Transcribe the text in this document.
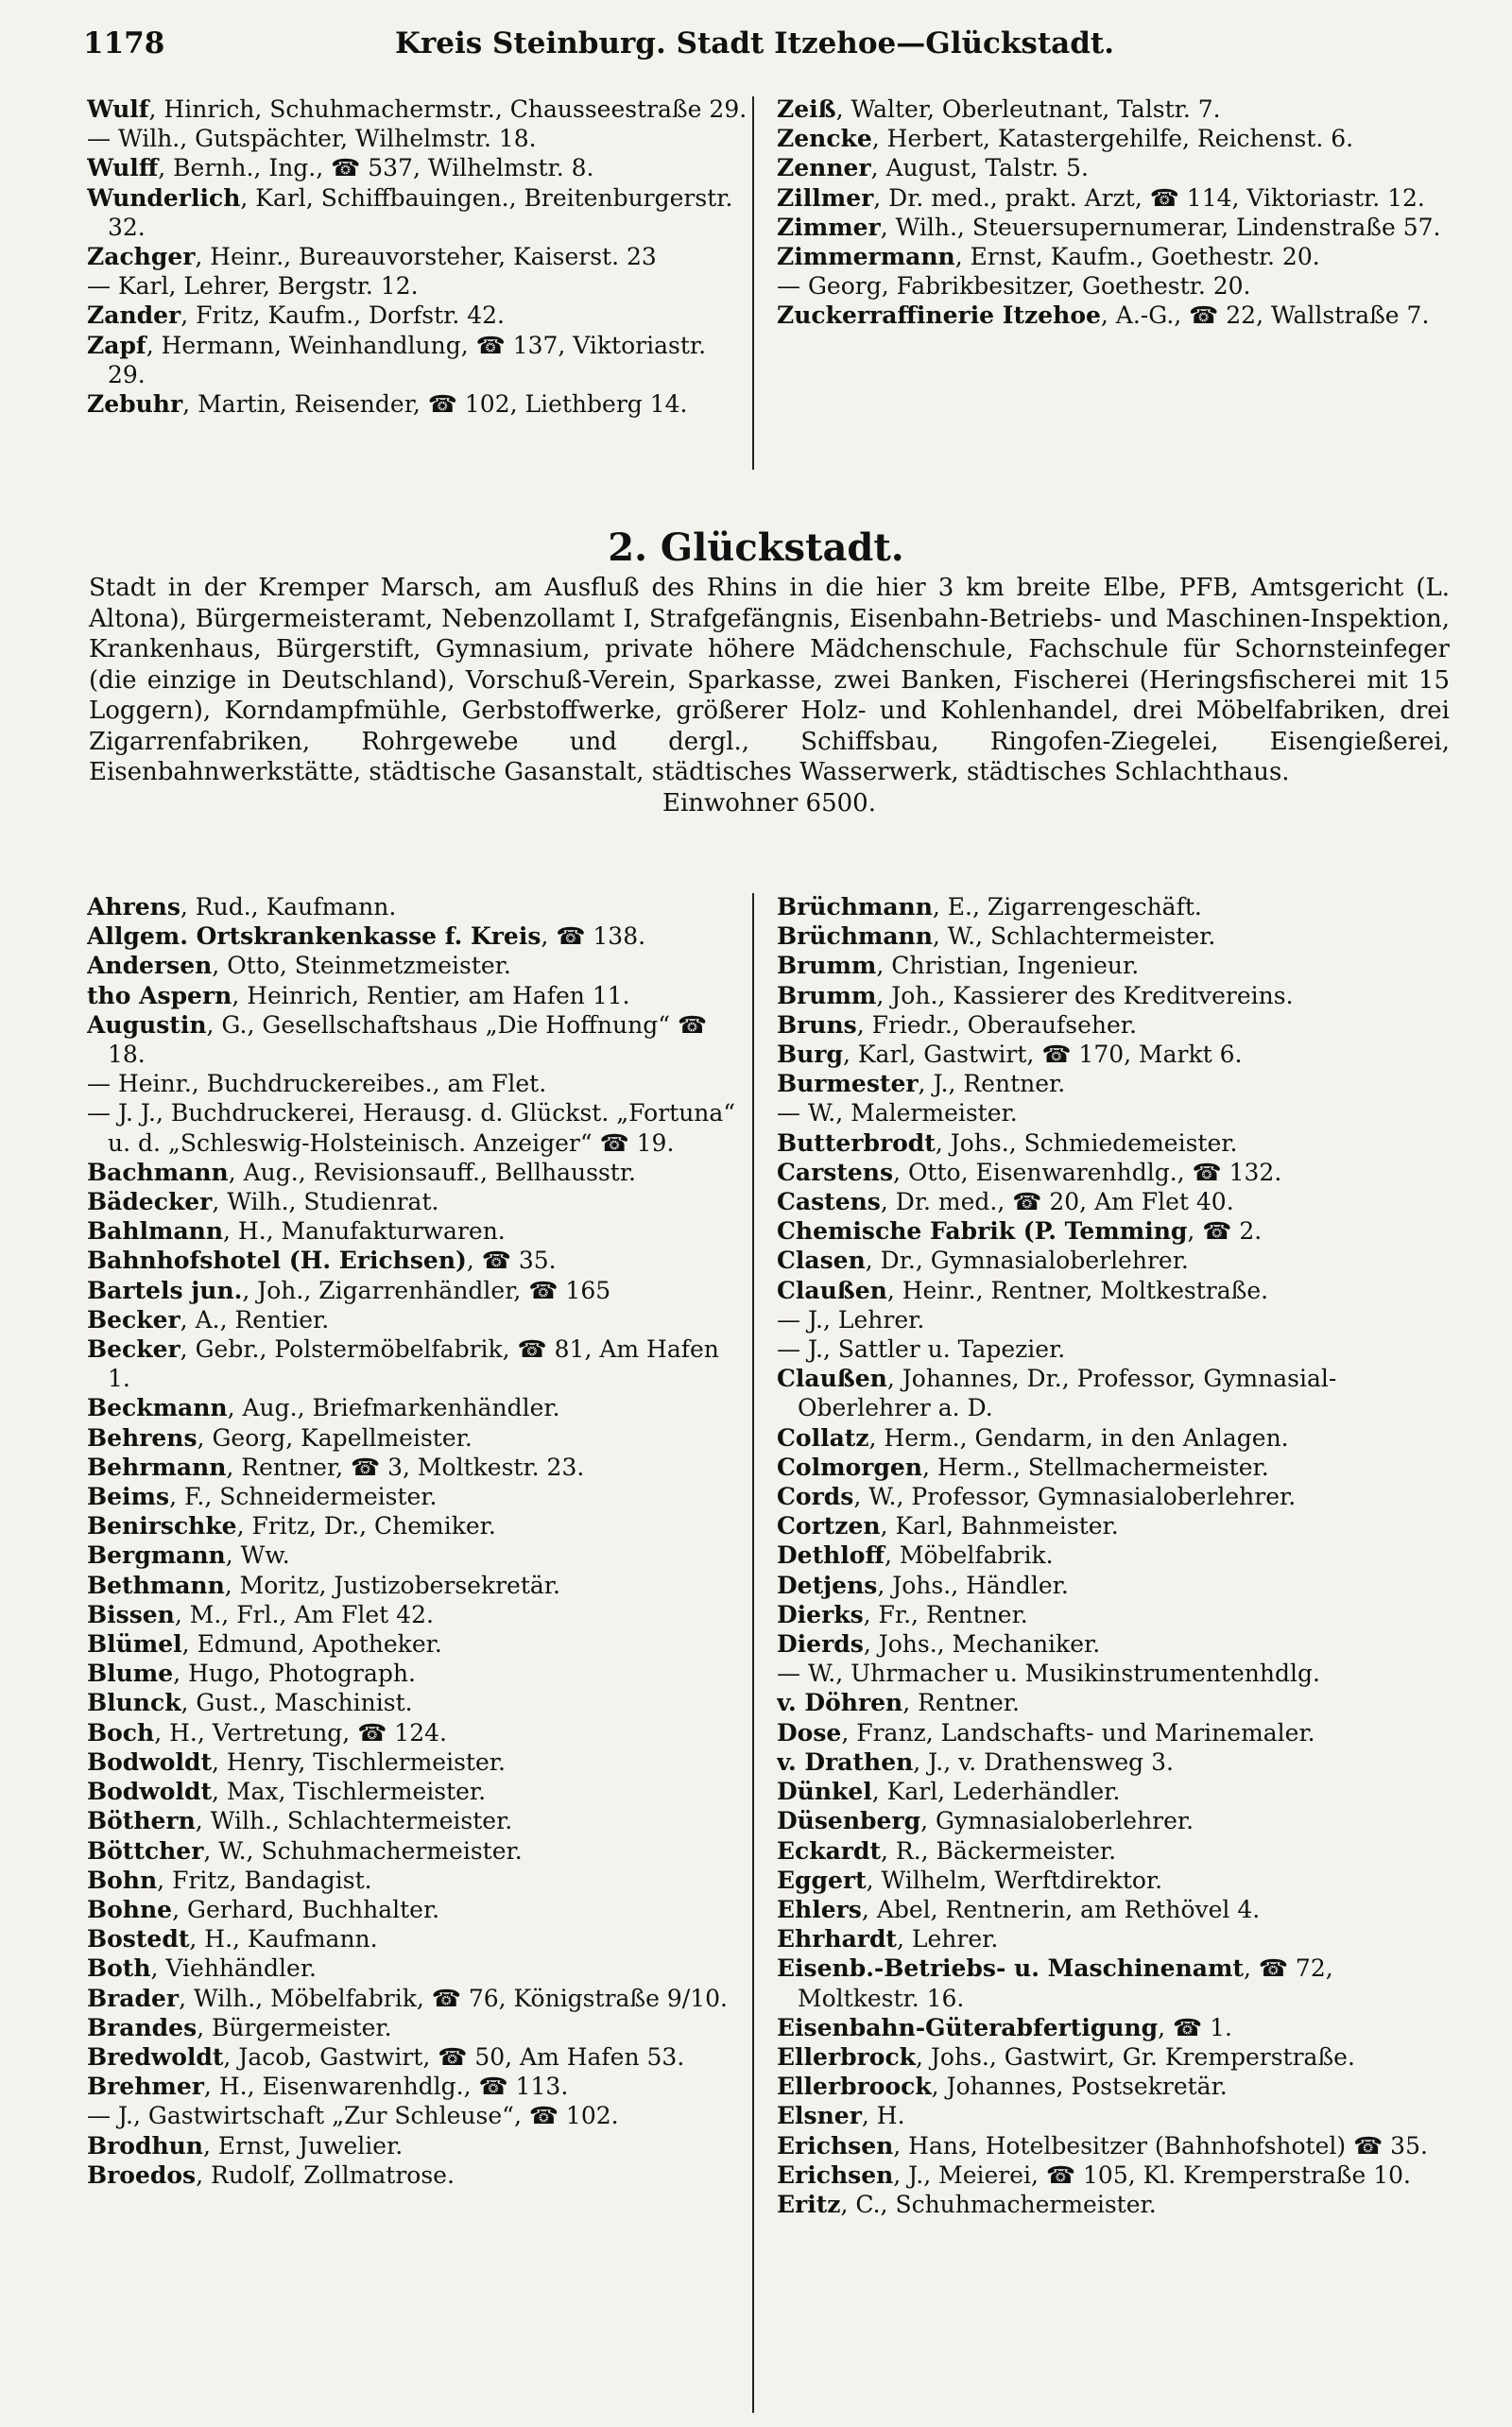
1178	Kreis Steinburg. Stadt Itzehoe—Glückstadt.

Wulf, Hinrich, Schuhmachermstr., Chausseestraße 29.

— Wilh., Gutspächter, Wilhelmstr. 18.

Wulff, Bernh., Ing., ☎ 537, Wilhelmstr. 8.

Wunderlich, Karl, Schiffbauingen., Breitenburgerstr. 32.

Zachger, Heinr., Bureauvorsteher, Kaiserst. 23

— Karl, Lehrer, Bergstr. 12.

Zander, Fritz, Kaufm., Dorfstr. 42.

Zapf, Hermann, Weinhandlung, ☎ 137, Viktoriastr. 29.

Zebuhr, Martin, Reisender, ☎ 102, Liethberg 14.

Zeiß, Walter, Oberleutnant, Talstr. 7.

Zencke, Herbert, Katastergehilfe, Reichenst. 6.

Zenner, August, Talstr. 5.

Zillmer, Dr. med., prakt. Arzt, ☎ 114, Viktoriastr. 12.

Zimmer, Wilh., Steuersupernumerar, Lindenstraße 57.

Zimmermann, Ernst, Kaufm., Goethestr. 20.

— Georg, Fabrikbesitzer, Goethestr. 20.

Zuckerraffinerie Itzehoe, A.-G., ☎ 22, Wallstraße 7.

2. Glückstadt.
Stadt in der Kremper Marsch, am Ausfluß des Rhins in die hier 3 km breite Elbe, PFB, Amtsgericht (L. Altona), Bürgermeisteramt, Nebenzollamt I, Strafgefängnis, Eisenbahn-Betriebs- und Maschinen-Inspektion, Krankenhaus, Bürgerstift, Gymnasium, private höhere Mädchenschule, Fachschule für Schornsteinfeger (die einzige in Deutschland), Vorschuß-Verein, Sparkasse, zwei Banken, Fischerei (Heringsfischerei mit 15 Loggern), Korndampfmühle, Gerbstoffwerke, größerer Holz- und Kohlenhandel, drei Möbelfabriken, drei Zigarrenfabriken, Rohrgewebe und dergl., Schiffsbau, Ringofen-Ziegelei, Eisengießerei, Eisenbahnwerkstätte, städtische Gasanstalt, städtisches Wasserwerk, städtisches Schlachthaus.
Einwohner 6500.

Ahrens, Rud., Kaufmann.

Allgem. Ortskrankenkasse f. Kreis, ☎ 138.

Andersen, Otto, Steinmetzmeister.

tho Aspern, Heinrich, Rentier, am Hafen 11.

Augustin, G., Gesellschaftshaus „Die Hoffnung“ ☎ 18.

— Heinr., Buchdruckereibes., am Flet.

— J. J., Buchdruckerei, Herausg. d. Glückst. „Fortuna“ u. d. „Schleswig-Holsteinisch. Anzeiger“ ☎ 19.

Bachmann, Aug., Revisionsauff., Bellhausstr.

Bädecker, Wilh., Studienrat.

Bahlmann, H., Manufakturwaren.

Bahnhofshotel (H. Erichsen), ☎ 35.

Bartels jun., Joh., Zigarrenhändler, ☎ 165

Becker, A., Rentier.

Becker, Gebr., Polstermöbelfabrik, ☎ 81, Am Hafen 1.

Beckmann, Aug., Briefmarkenhändler.

Behrens, Georg, Kapellmeister.

Behrmann, Rentner, ☎ 3, Moltkestr. 23.

Beims, F., Schneidermeister.

Benirschke, Fritz, Dr., Chemiker.

Bergmann, Ww.

Bethmann, Moritz, Justizobersekretär.

Bissen, M., Frl., Am Flet 42.

Blümel, Edmund, Apotheker.

Blume, Hugo, Photograph.

Blunck, Gust., Maschinist.

Boch, H., Vertretung, ☎ 124.

Bodwoldt, Henry, Tischlermeister.

Bodwoldt, Max, Tischlermeister.

Böthern, Wilh., Schlachtermeister.

Böttcher, W., Schuhmachermeister.

Bohn, Fritz, Bandagist.

Bohne, Gerhard, Buchhalter.

Bostedt, H., Kaufmann.

Both, Viehhändler.

Brader, Wilh., Möbelfabrik, ☎ 76, Königstraße 9/10.

Brandes, Bürgermeister.

Bredwoldt, Jacob, Gastwirt, ☎ 50, Am Hafen 53.

Brehmer, H., Eisenwarenhdlg., ☎ 113.

— J., Gastwirtschaft „Zur Schleuse“, ☎ 102.

Brodhun, Ernst, Juwelier.

Broedos, Rudolf, Zollmatrose.

Brüchmann, E., Zigarrengeschäft.

Brüchmann, W., Schlachtermeister.

Brumm, Christian, Ingenieur.

Brumm, Joh., Kassierer des Kreditvereins.

Bruns, Friedr., Oberaufseher.

Burg, Karl, Gastwirt, ☎ 170, Markt 6.

Burmester, J., Rentner.

— W., Malermeister.

Butterbrodt, Johs., Schmiedemeister.

Carstens, Otto, Eisenwarenhdlg., ☎ 132.

Castens, Dr. med., ☎ 20, Am Flet 40.

Chemische Fabrik (P. Temming, ☎ 2.

Clasen, Dr., Gymnasialoberlehrer.

Claußen, Heinr., Rentner, Moltkestraße.

— J., Lehrer.

— J., Sattler u. Tapezier.

Claußen, Johannes, Dr., Professor, Gymnasial-Oberlehrer a. D.

Collatz, Herm., Gendarm, in den Anlagen.

Colmorgen, Herm., Stellmachermeister.

Cords, W., Professor, Gymnasialoberlehrer.

Cortzen, Karl, Bahnmeister.

Dethloff, Möbelfabrik.

Detjens, Johs., Händler.

Dierks, Fr., Rentner.

Dierds, Johs., Mechaniker.

— W., Uhrmacher u. Musikinstrumentenhdlg.

v. Döhren, Rentner.

Dose, Franz, Landschafts- und Marinemaler.

v. Drathen, J., v. Drathensweg 3.

Dünkel, Karl, Lederhändler.

Düsenberg, Gymnasialoberlehrer.

Eckardt, R., Bäckermeister.

Eggert, Wilhelm, Werftdirektor.

Ehlers, Abel, Rentnerin, am Rethövel 4.

Ehrhardt, Lehrer.

Eisenb.-Betriebs- u. Maschinenamt, ☎ 72, Moltkestr. 16.

Eisenbahn-Güterabfertigung, ☎ 1.

Ellerbrock, Johs., Gastwirt, Gr. Kremperstraße.

Ellerbroock, Johannes, Postsekretär.

Elsner, H.

Erichsen, Hans, Hotelbesitzer (Bahnhofshotel) ☎ 35.

Erichsen, J., Meierei, ☎ 105, Kl. Kremperstraße 10.

Eritz, C., Schuhmachermeister.
